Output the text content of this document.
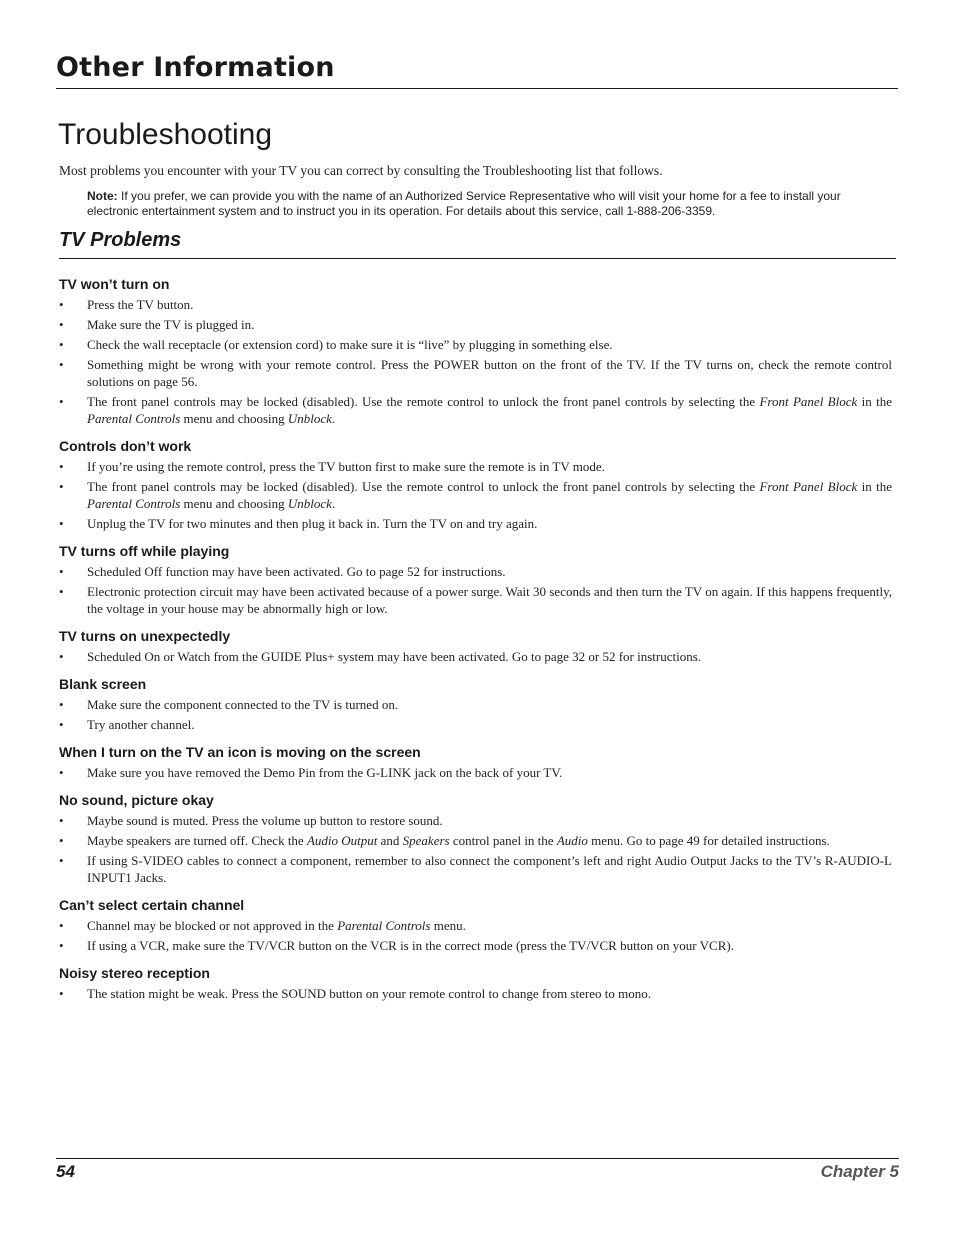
Other Information
Troubleshooting

Most problems you encounter with your TV you can correct by consulting the Troubleshooting list that follows.

Note: If you prefer, we can provide you with the name of an Authorized Service Representative who will visit your home for a fee to install your electronic entertainment system and to instruct you in its operation. For details about this service, call 1-888-206-3359.

TV Problems
TV won’t turn on
• Press the TV button.
• Make sure the TV is plugged in.
• Check the wall receptacle (or extension cord) to make sure it is “live” by plugging in something else.
• Something might be wrong with your remote control. Press the POWER button on the front of the TV. If the TV turns on, check the remote control solutions on page 56.
• The front panel controls may be locked (disabled). Use the remote control to unlock the front panel controls by selecting the Front Panel Block in the Parental Controls menu and choosing Unblock.
Controls don’t work
• If you’re using the remote control, press the TV button first to make sure the remote is in TV mode.
• The front panel controls may be locked (disabled). Use the remote control to unlock the front panel controls by selecting the Front Panel Block in the Parental Controls menu and choosing Unblock.
• Unplug the TV for two minutes and then plug it back in. Turn the TV on and try again.
TV turns off while playing
• Scheduled Off function may have been activated. Go to page 52 for instructions.
• Electronic protection circuit may have been activated because of a power surge. Wait 30 seconds and then turn the TV on again. If this happens frequently, the voltage in your house may be abnormally high or low.
TV turns on unexpectedly
• Scheduled On or Watch from the GUIDE Plus+ system may have been activated. Go to page 32 or 52 for instructions.
Blank screen
• Make sure the component connected to the TV is turned on.
• Try another channel.
When I turn on the TV an icon is moving on the screen
• Make sure you have removed the Demo Pin from the G-LINK jack on the back of your TV.
No sound, picture okay
• Maybe sound is muted. Press the volume up button to restore sound.
• Maybe speakers are turned off. Check the Audio Output and Speakers control panel in the Audio menu. Go to page 49 for detailed instructions.
• If using S-VIDEO cables to connect a component, remember to also connect the component’s left and right Audio Output Jacks to the TV’s R-AUDIO-L INPUT1 Jacks.
Can’t select certain channel
• Channel may be blocked or not approved in the Parental Controls menu.
• If using a VCR, make sure the TV/VCR button on the VCR is in the correct mode (press the TV/VCR button on your VCR).
Noisy stereo reception
• The station might be weak. Press the SOUND button on your remote control to change from stereo to mono.
54	Chapter 5
